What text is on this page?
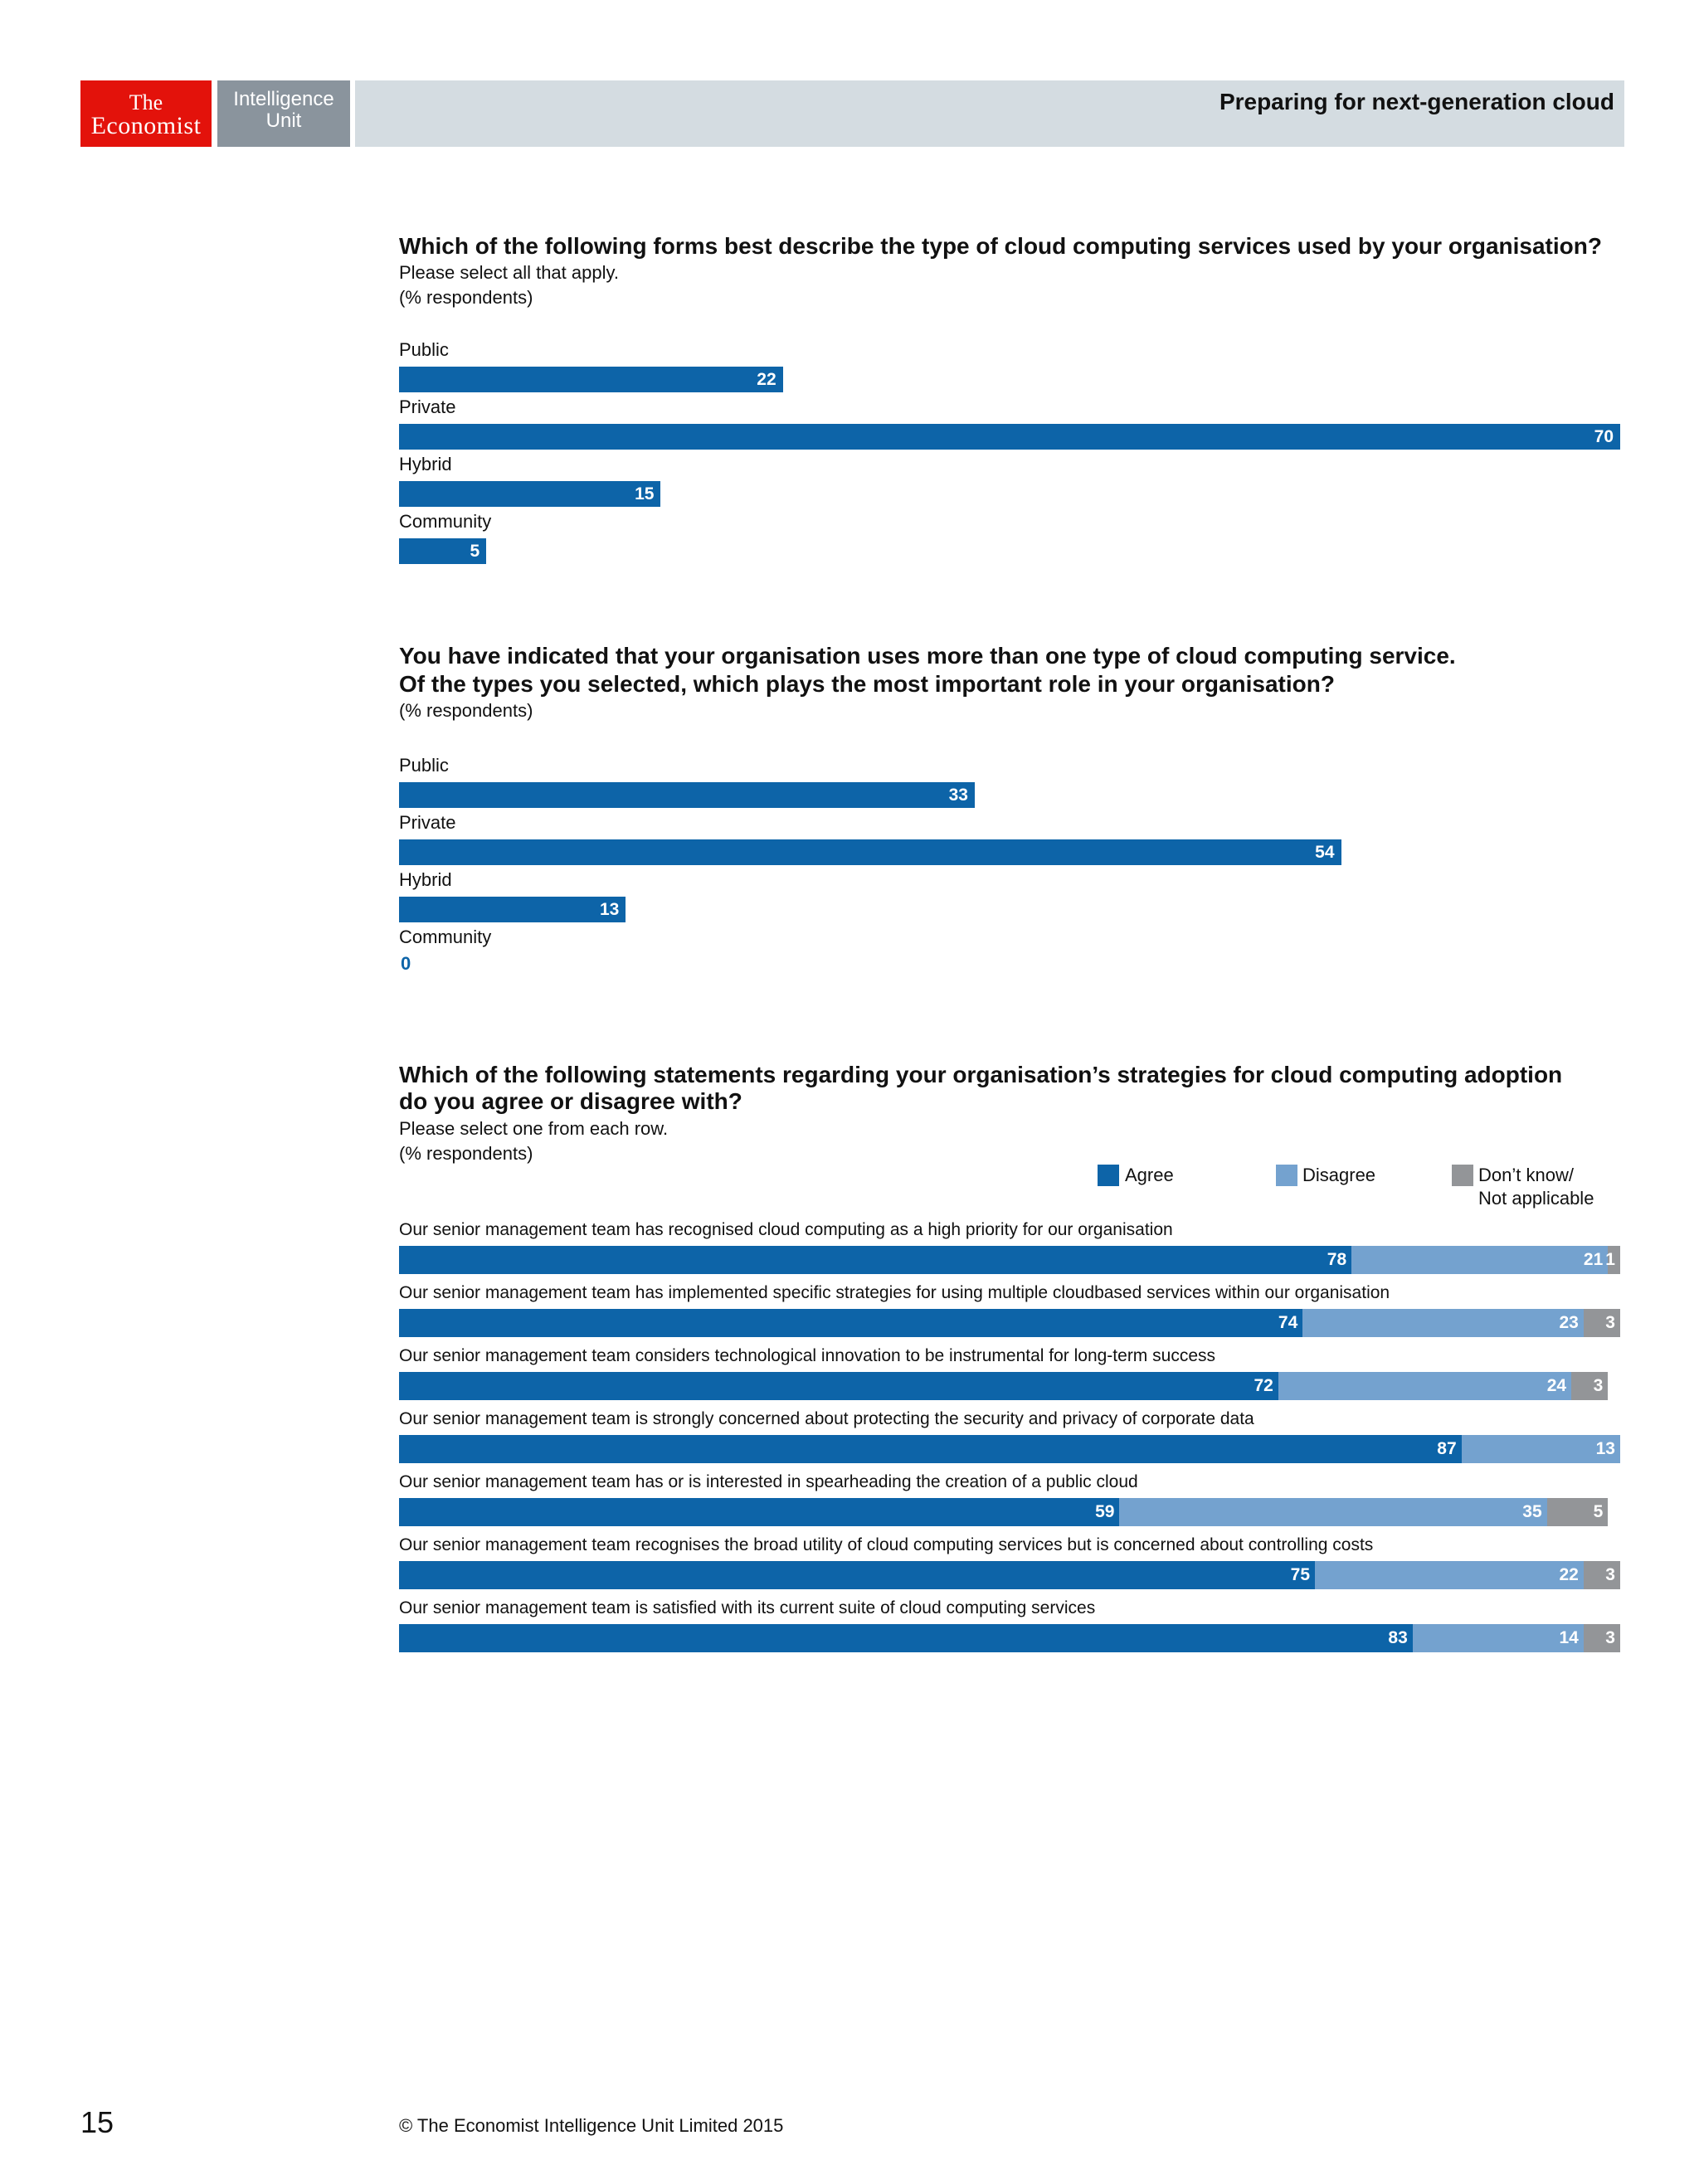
The
Economist
Intelligence
Unit
Preparing for next-generation cloud
Which of the following forms best describe the type of cloud computing services used by your organisation?
Please select all that apply.
(% respondents)
Public
22
Private
70
Hybrid
15
Community
5
You have indicated that your organisation uses more than one type of cloud computing service.
Of the types you selected, which plays the most important role in your organisation?
(% respondents)
Public
33
Private
54
Hybrid
13
Community
0
Which of the following statements regarding your organisation’s strategies for cloud computing adoption
do you agree or disagree with?
Please select one from each row.
(% respondents)
Agree	Disagree	Don’t know/
Not applicable
Our senior management team has recognised cloud computing as a high priority for our organisation
78	21 1
Our senior management team has implemented specific strategies for using multiple cloudbased services within our organisation
74	23 3
Our senior management team considers technological innovation to be instrumental for long-term success
72	24 3
Our senior management team is strongly concerned about protecting the security and privacy of corporate data
87	13
Our senior management team has or is interested in spearheading the creation of a public cloud
59	35	5
Our senior management team recognises the broad utility of cloud computing services but is concerned about controlling costs
75	22 3
Our senior management team is satisfied with its current suite of cloud computing services
83	14 3
15	© The Economist Intelligence Unit Limited 2015
